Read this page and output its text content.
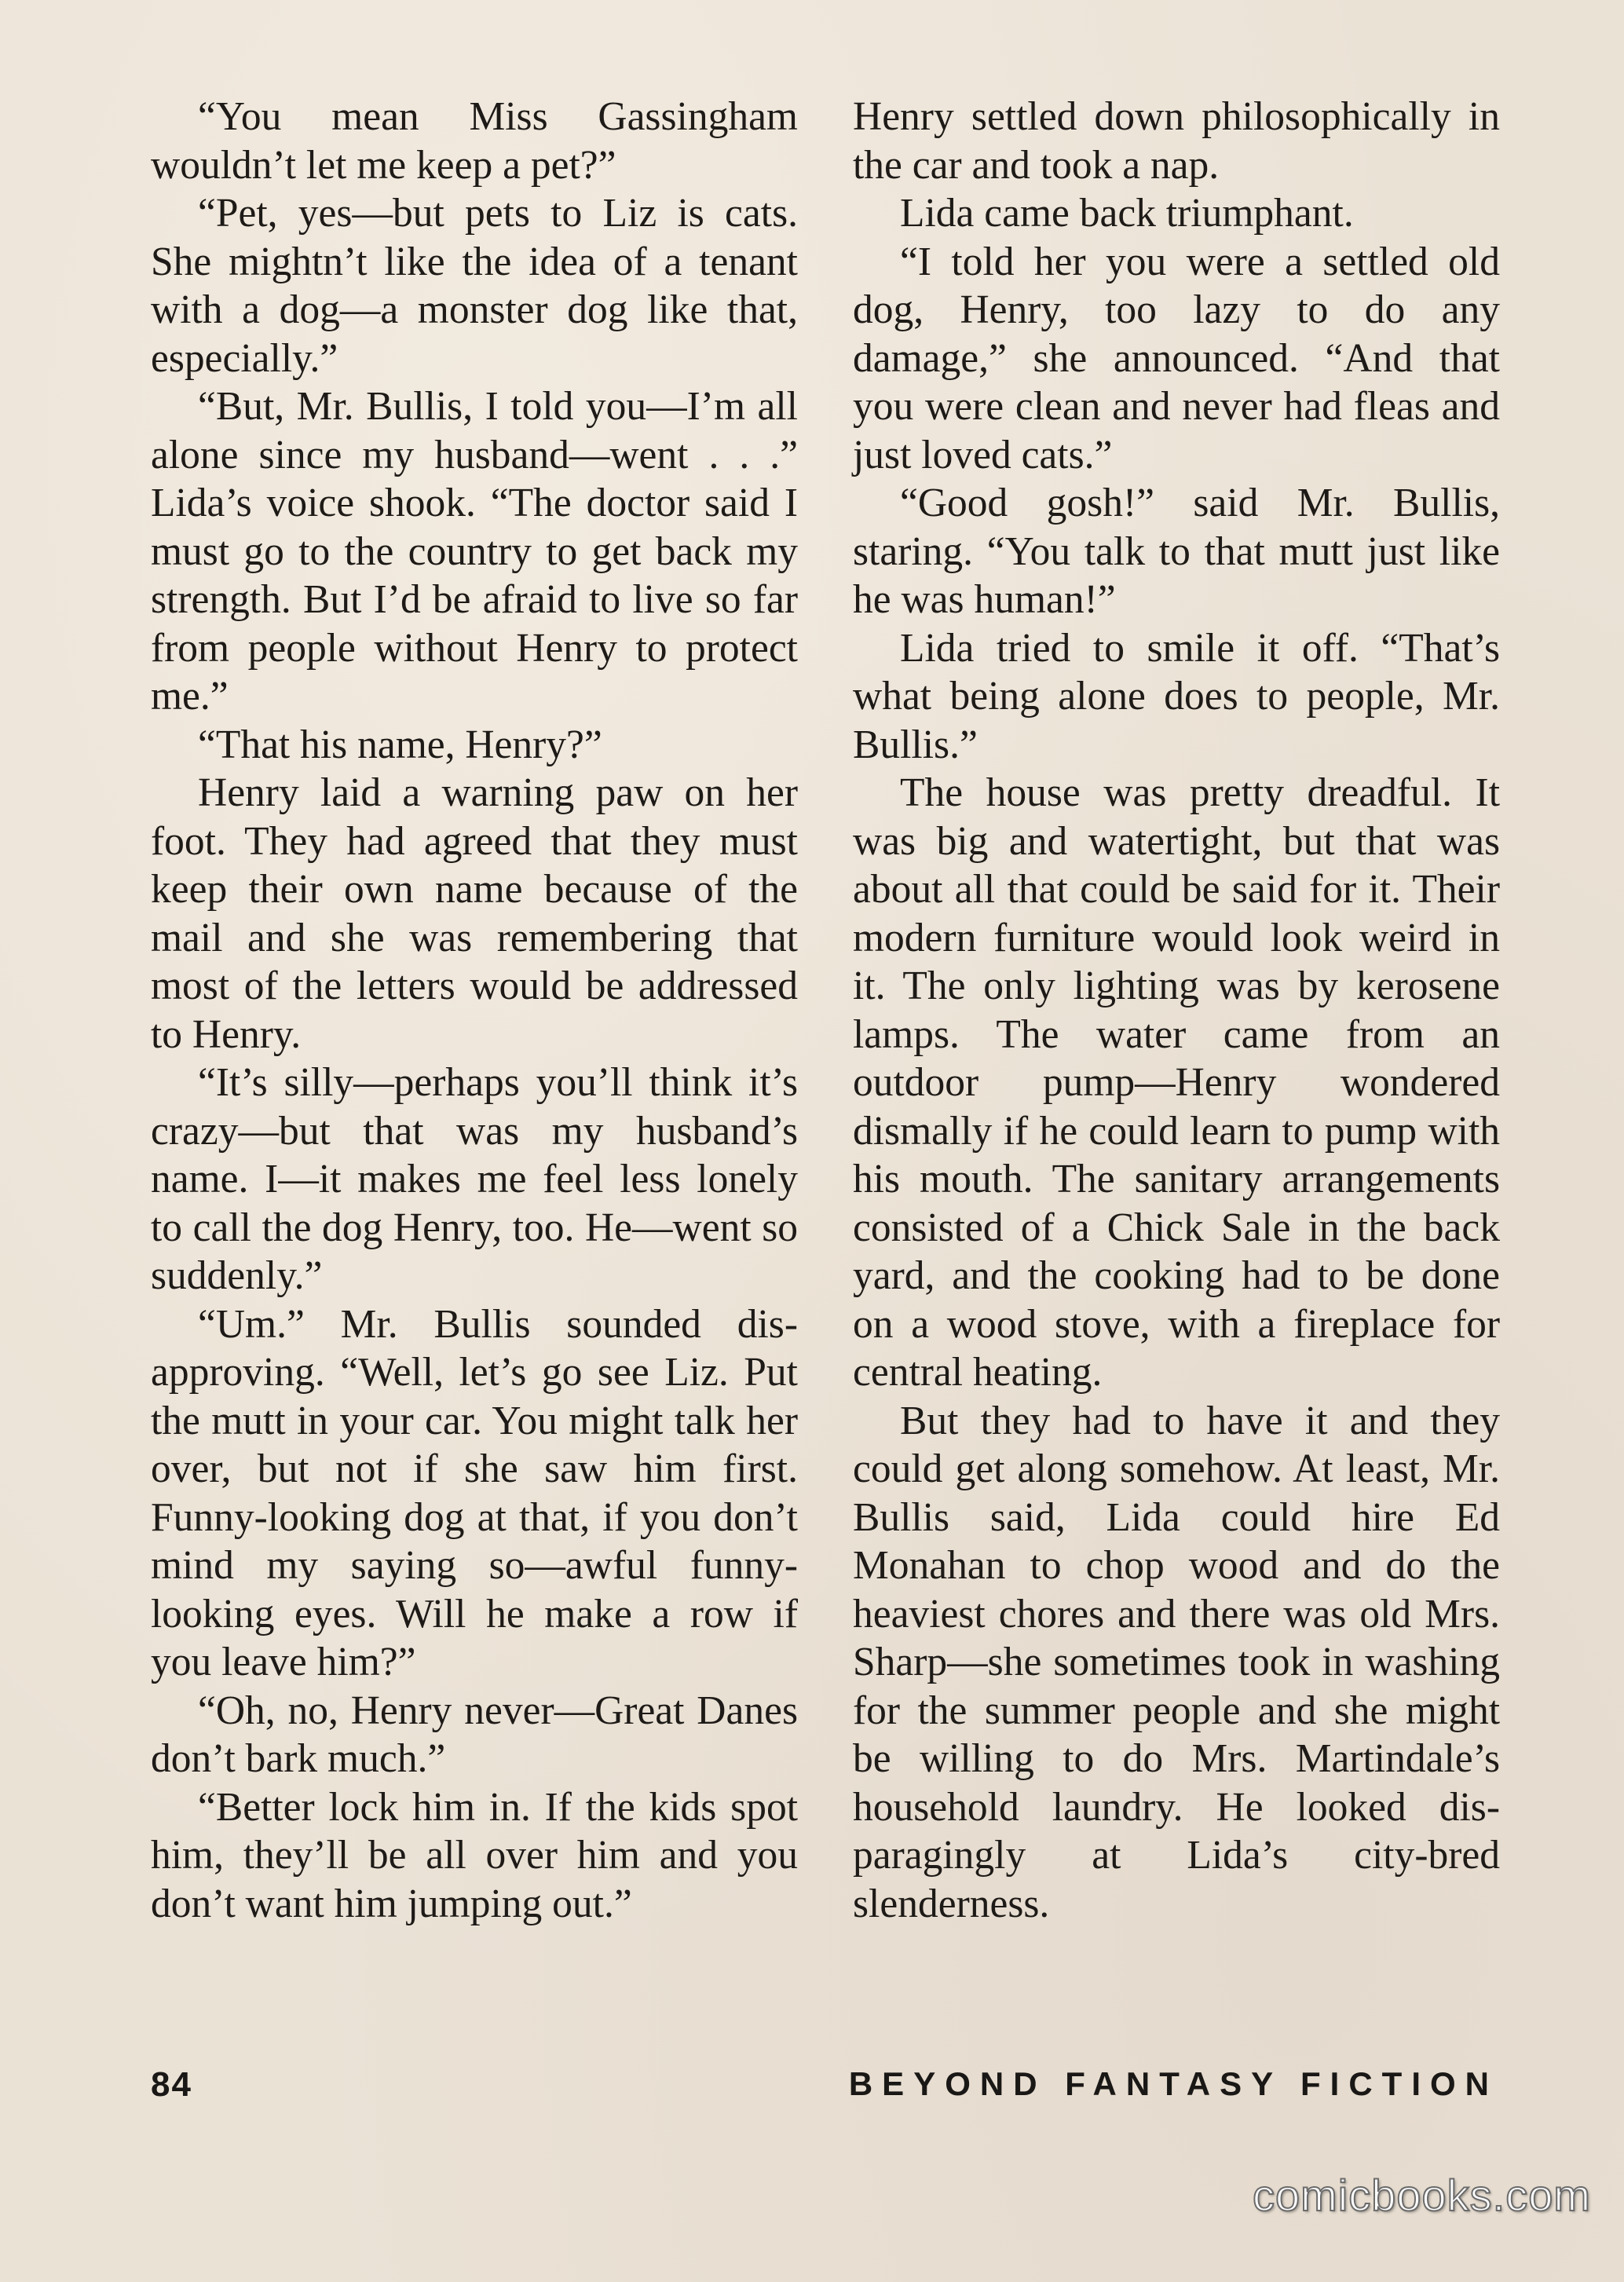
“You mean Miss Gassingham wouldn’t let me keep a pet?”

“Pet, yes—but pets to Liz is cats. She mightn’t like the idea of a tenant with a dog—a monster dog like that, especially.”

“But, Mr. Bullis, I told you—I’m all alone since my husband—went . . .” Lida’s voice shook. “The doctor said I must go to the country to get back my strength. But I’d be afraid to live so far from people without Henry to protect me.”

“That his name, Henry?”

Henry laid a warning paw on her foot. They had agreed that they must keep their own name because of the mail and she was remembering that most of the letters would be addressed to Henry.

“It’s silly—perhaps you’ll think it’s crazy—but that was my husband’s name. I—it makes me feel less lonely to call the dog Henry, too. He—went so suddenly.”

“Um.” Mr. Bullis sounded disapproving. “Well, let’s go see Liz. Put the mutt in your car. You might talk her over, but not if she saw him first. Funny-looking dog at that, if you don’t mind my saying so—awful funny-looking eyes. Will he make a row if you leave him?”

“Oh, no, Henry never—Great Danes don’t bark much.”

“Better lock him in. If the kids spot him, they’ll be all over him and you don’t want him jumping out.”

Henry settled down philosophically in the car and took a nap.

Lida came back triumphant.

“I told her you were a settled old dog, Henry, too lazy to do any damage,” she announced. “And that you were clean and never had fleas and just loved cats.”

“Good gosh!” said Mr. Bullis, staring. “You talk to that mutt just like he was human!”

Lida tried to smile it off. “That’s what being alone does to people, Mr. Bullis.”

The house was pretty dreadful. It was big and watertight, but that was about all that could be said for it. Their modern furniture would look weird in it. The only lighting was by kerosene lamps. The water came from an outdoor pump—Henry wondered dismally if he could learn to pump with his mouth. The sanitary arrangements consisted of a Chick Sale in the back yard, and the cooking had to be done on a wood stove, with a fireplace for central heating.

But they had to have it and they could get along somehow. At least, Mr. Bullis said, Lida could hire Ed Monahan to chop wood and do the heaviest chores and there was old Mrs. Sharp—she sometimes took in washing for the summer people and she might be willing to do Mrs. Martindale’s household laundry. He looked disparagingly at Lida’s city-bred slenderness.

84	BEYOND FANTASY FICTION
comicbooks.com
